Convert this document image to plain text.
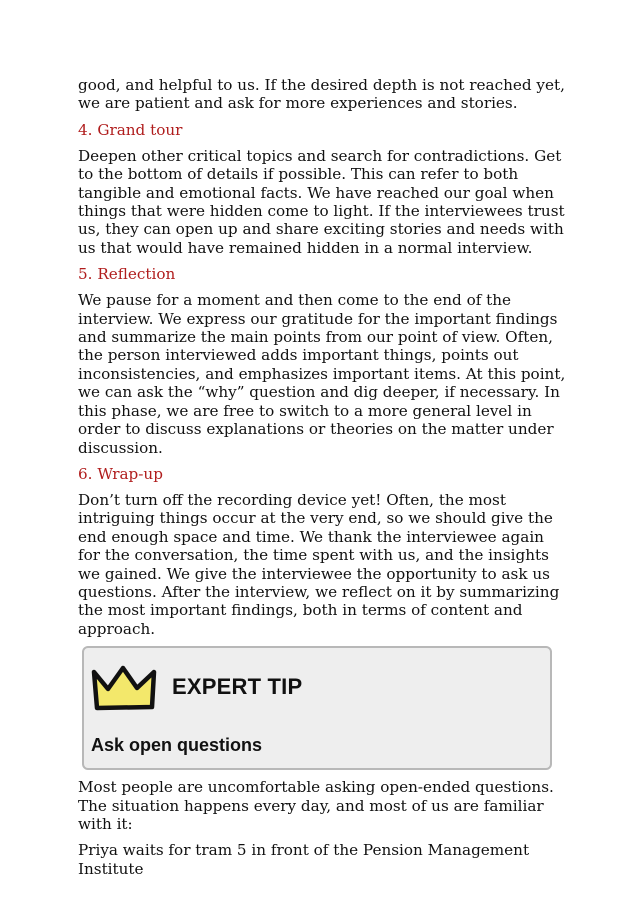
good, and helpful to us. If the desired depth is not reached yet, we are patient and ask for more experiences and stories.

4. Grand tour

Deepen other critical topics and search for contradictions. Get to the bottom of details if possible. This can refer to both tangible and emotional facts. We have reached our goal when things that were hidden come to light. If the interviewees trust us, they can open up and share exciting stories and needs with us that would have remained hidden in a normal interview.

5. Reflection

We pause for a moment and then come to the end of the interview. We express our gratitude for the important findings and summarize the main points from our point of view. Often, the person interviewed adds important things, points out inconsistencies, and emphasizes important items. At this point, we can ask the “why” question and dig deeper, if necessary. In this phase, we are free to switch to a more general level in order to discuss explanations or theories on the matter under discussion.

6. Wrap-up

Don’t turn off the recording device yet! Often, the most intriguing things occur at the very end, so we should give the end enough space and time. We thank the interviewee again for the conversation, the time spent with us, and the insights we gained. We give the interviewee the opportunity to ask us questions. After the interview, we reflect on it by summarizing the most important findings, both in terms of content and approach.

EXPERT TIP
Ask open questions

Most people are uncomfortable asking open-ended questions. The situation happens every day, and most of us are familiar with it:

Priya waits for tram 5 in front of the Pension Management Institute
